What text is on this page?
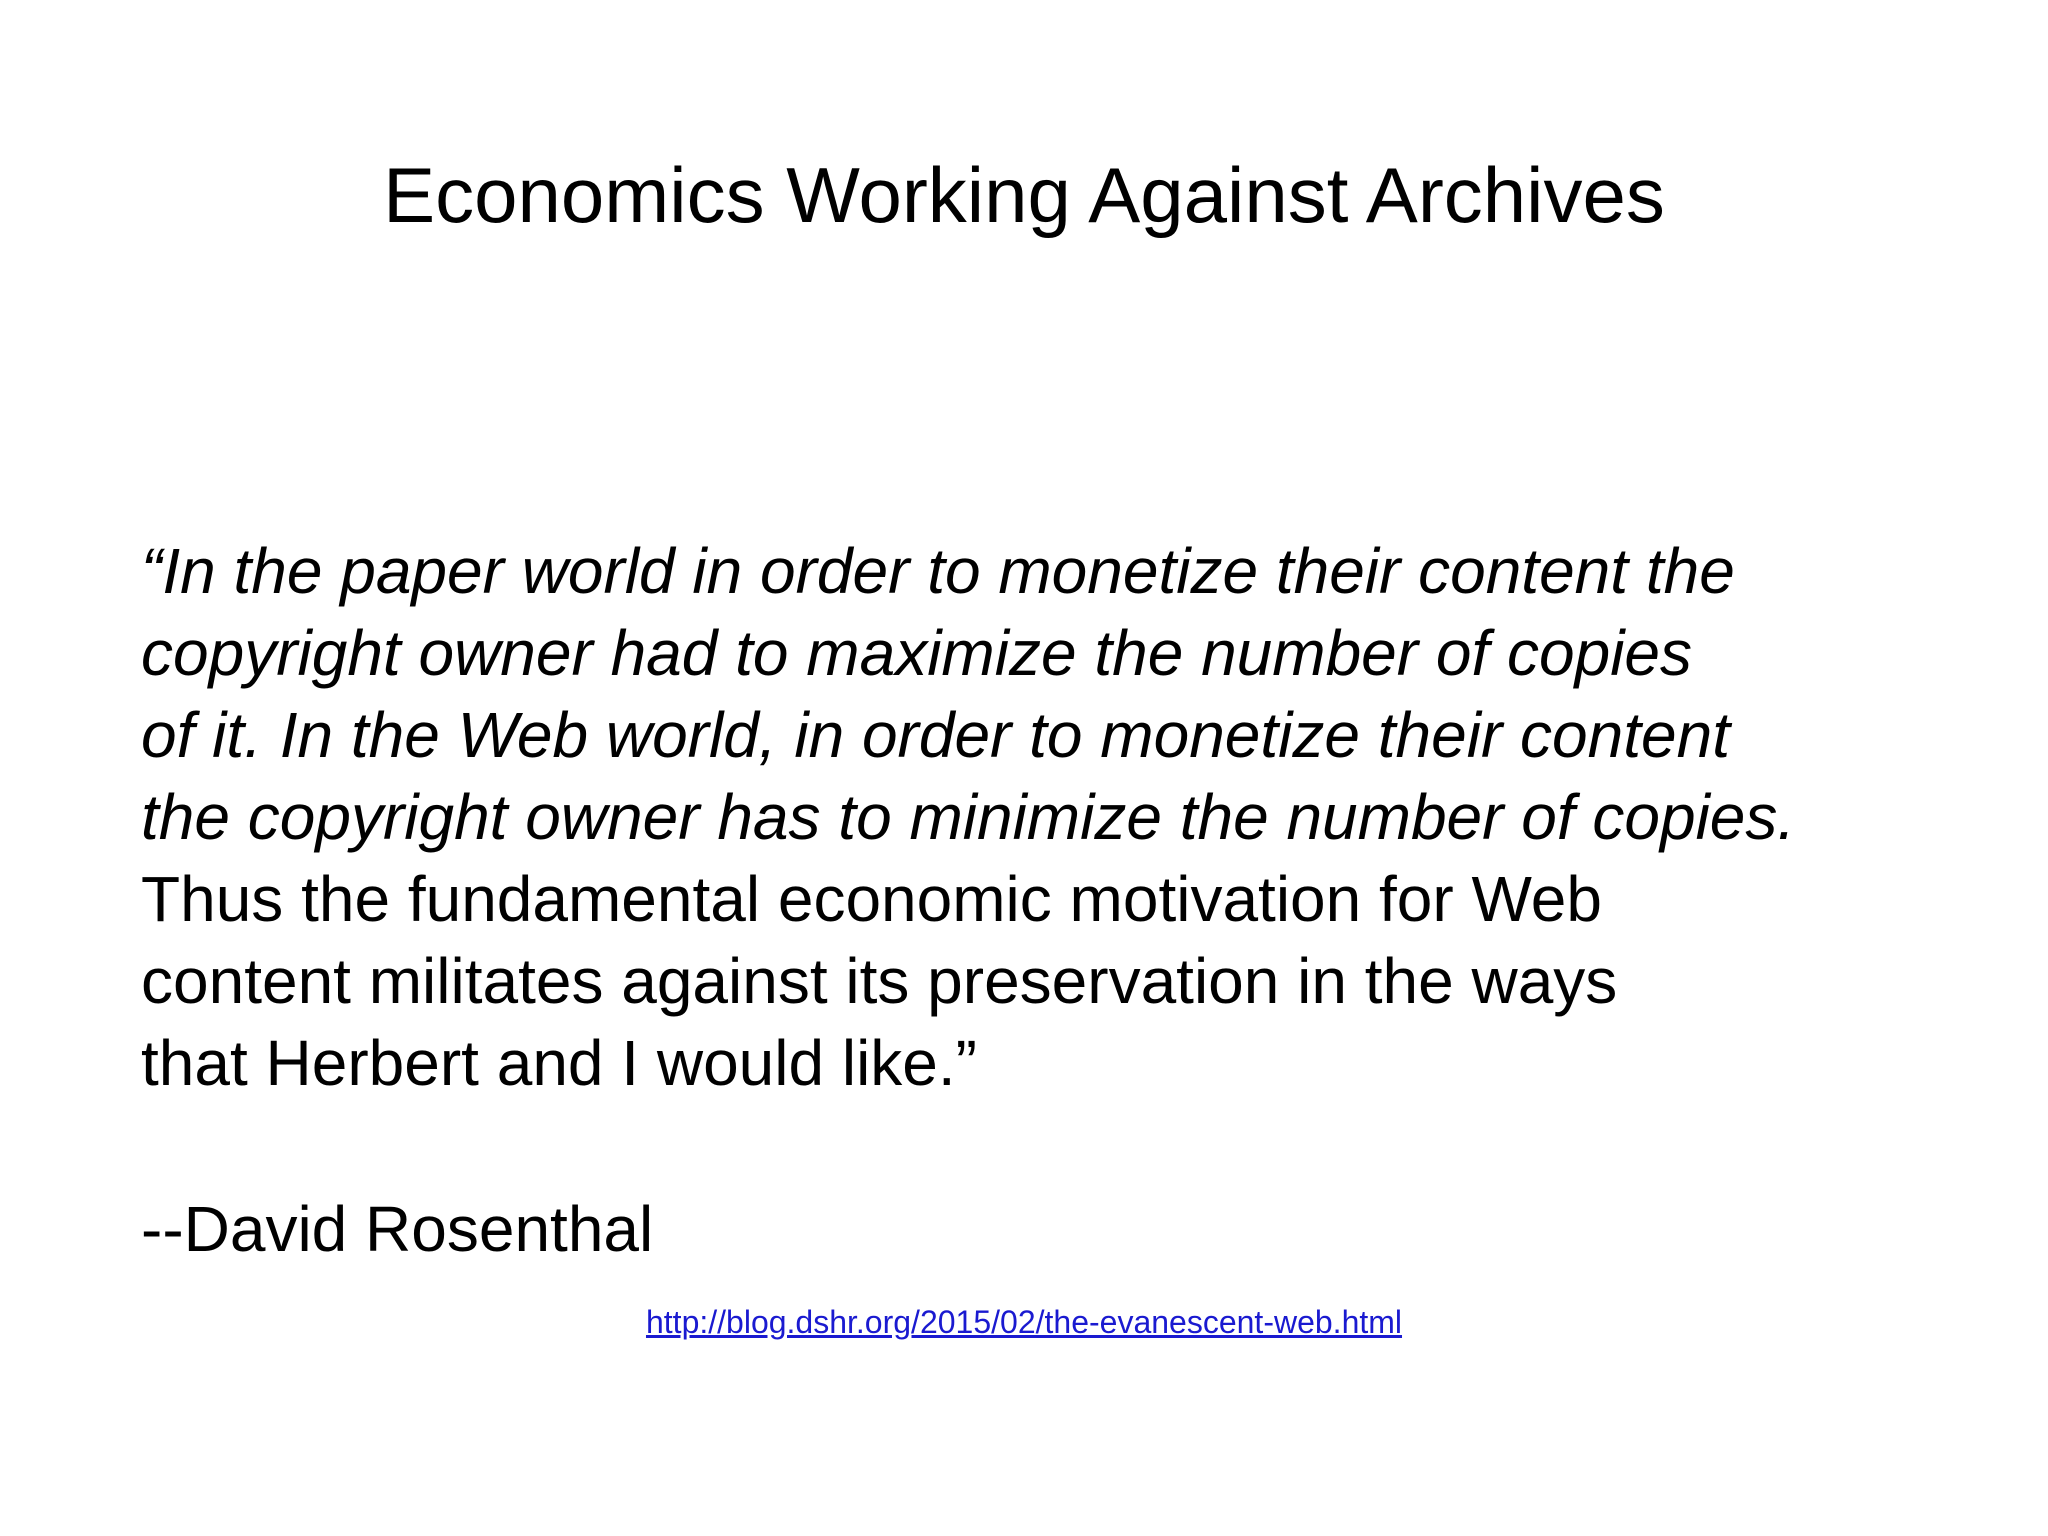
Economics Working Against Archives
“In the paper world in order to monetize their content the
copyright owner had to maximize the number of copies
of it. In the Web world, in order to monetize their content
the copyright owner has to minimize the number of copies.
Thus the fundamental economic motivation for Web
content militates against its preservation in the ways
that Herbert and I would like.”
--David Rosenthal
http://blog.dshr.org/2015/02/the-evanescent-web.html
